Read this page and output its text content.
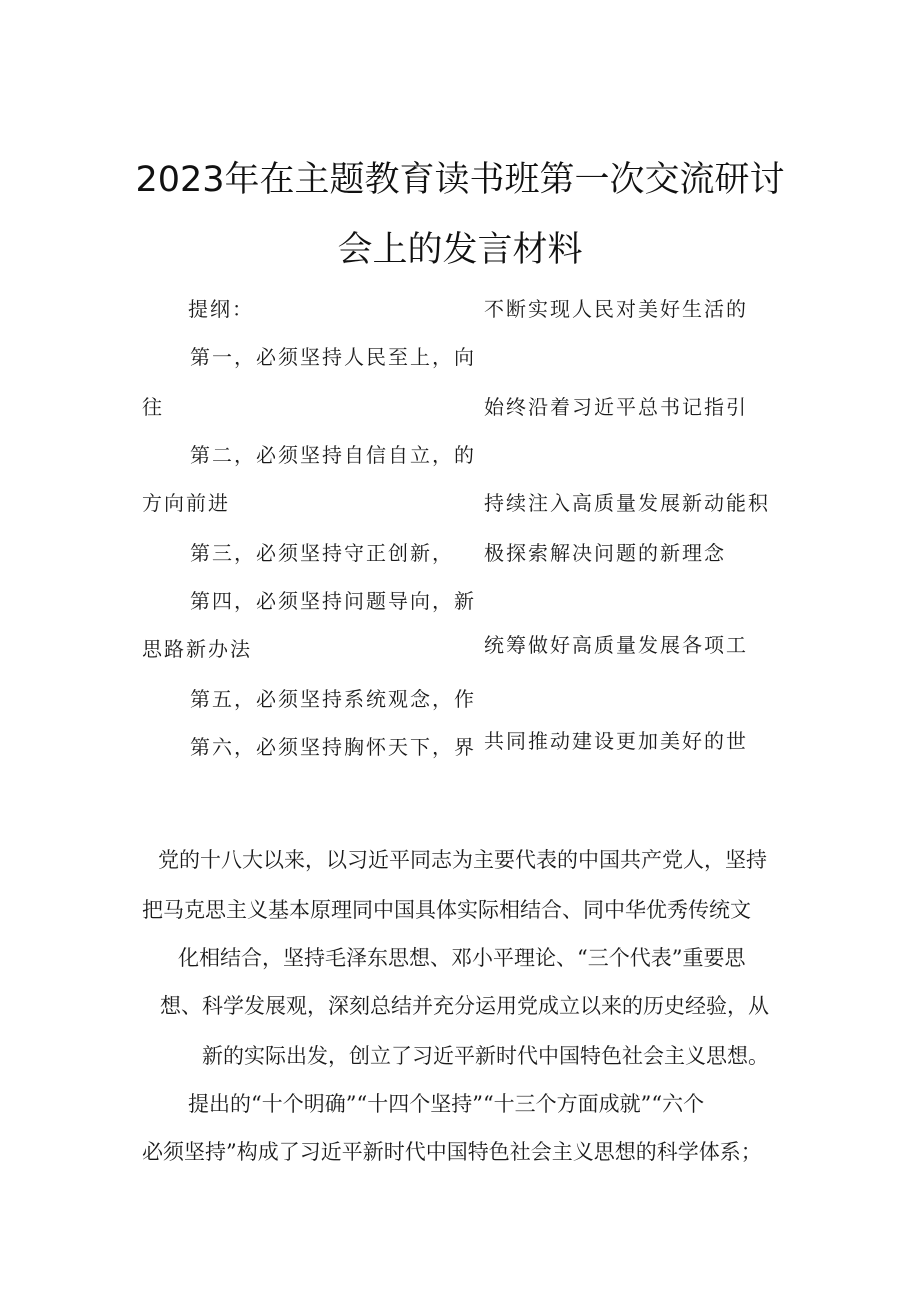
2023年在主题教育读书班第一次交流研讨
会上的发言材料
提纲：
第一，必须坚持人民至上，向
往
第二，必须坚持自信自立，的
方向前进
第三，必须坚持守正创新，
第四，必须坚持问题导向，新
思路新办法
第五，必须坚持系统观念，作
第六，必须坚持胸怀天下，界
不断实现人民对美好生活的
始终沿着习近平总书记指引
持续注入高质量发展新动能积
极探索解决问题的新理念
统筹做好高质量发展各项工
共同推动建设更加美好的世
党的十八大以来，以习近平同志为主要代表的中国共产党人，坚持
把马克思主义基本原理同中国具体实际相结合、同中华优秀传统文
化相结合，坚持毛泽东思想、邓小平理论、“三个代表”重要思
想、科学发展观，深刻总结并充分运用党成立以来的历史经验，从
新的实际出发，创立了习近平新时代中国特色社会主义思想。
提出的“十个明确”“十四个坚持”“十三个方面成就”“六个
必须坚持”构成了习近平新时代中国特色社会主义思想的科学体系；
